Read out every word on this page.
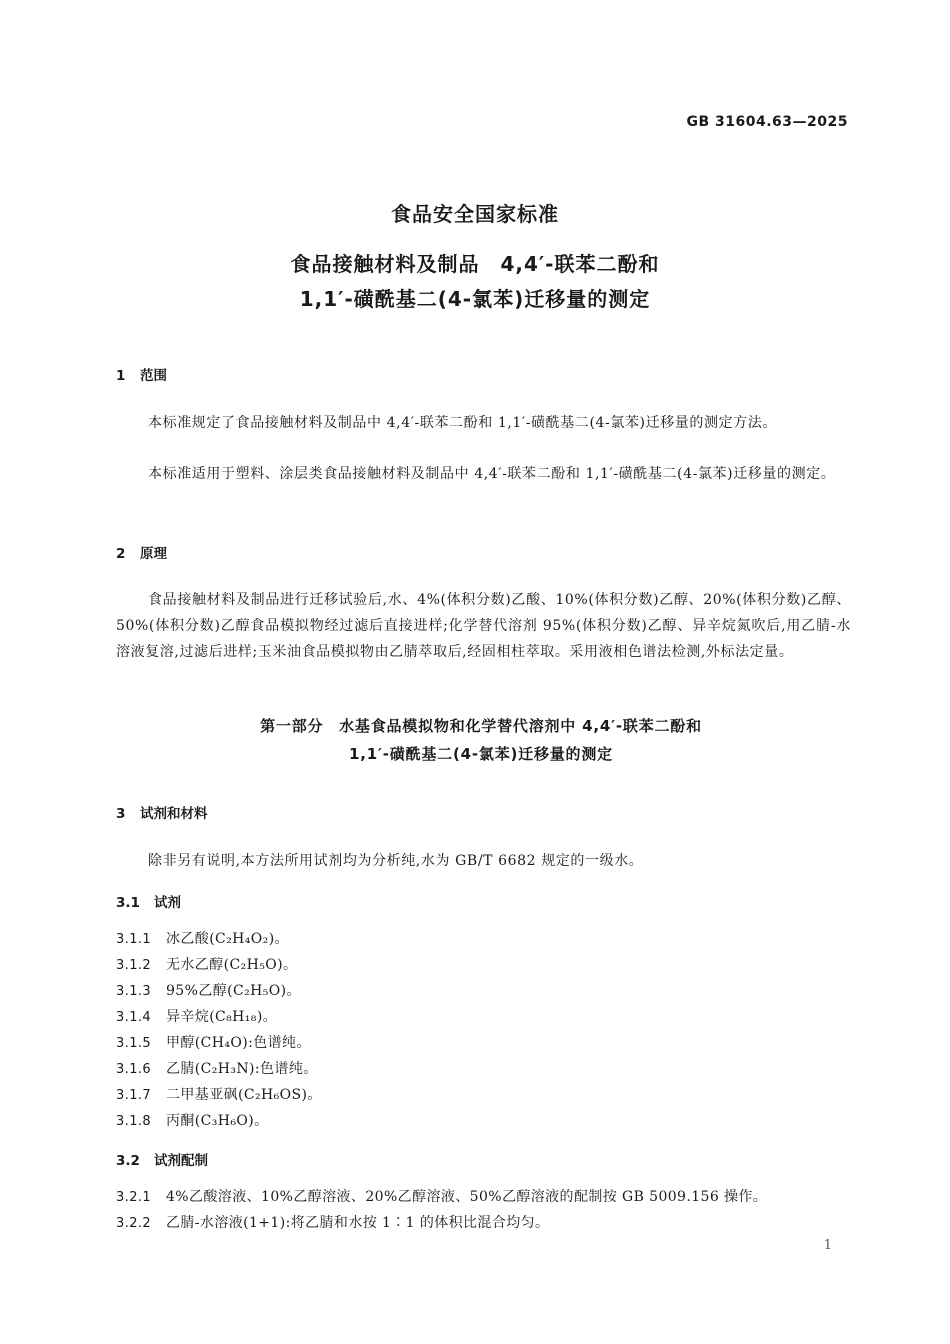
GB 31604.63—2025
食品安全国家标准
食品接触材料及制品　4,4′-联苯二酚和
1,1′-磺酰基二(4-氯苯)迁移量的测定
1 范围
本标准规定了食品接触材料及制品中 4,4′-联苯二酚和 1,1′-磺酰基二(4-氯苯)迁移量的测定方法。
本标准适用于塑料、涂层类食品接触材料及制品中 4,4′-联苯二酚和 1,1′-磺酰基二(4-氯苯)迁移量的测定。
2 原理
食品接触材料及制品进行迁移试验后,水、4%(体积分数)乙酸、10%(体积分数)乙醇、20%(体积分数)乙醇、50%(体积分数)乙醇食品模拟物经过滤后直接进样;化学替代溶剂 95%(体积分数)乙醇、异辛烷氮吹后,用乙腈-水溶液复溶,过滤后进样;玉米油食品模拟物由乙腈萃取后,经固相柱萃取。采用液相色谱法检测,外标法定量。
第一部分　水基食品模拟物和化学替代溶剂中 4,4′-联苯二酚和
1,1′-磺酰基二(4-氯苯)迁移量的测定
3 试剂和材料
除非另有说明,本方法所用试剂均为分析纯,水为 GB/T 6682 规定的一级水。
3.1 试剂
3.1.1 冰乙酸(C₂H₄O₂)。
3.1.2 无水乙醇(C₂H₅O)。
3.1.3 95%乙醇(C₂H₅O)。
3.1.4 异辛烷(C₈H₁₈)。
3.1.5 甲醇(CH₄O):色谱纯。
3.1.6 乙腈(C₂H₃N):色谱纯。
3.1.7 二甲基亚砜(C₂H₆OS)。
3.1.8 丙酮(C₃H₆O)。
3.2 试剂配制
3.2.1 4%乙酸溶液、10%乙醇溶液、20%乙醇溶液、50%乙醇溶液的配制按 GB 5009.156 操作。
3.2.2 乙腈-水溶液(1+1):将乙腈和水按 1∶1 的体积比混合均匀。
1
